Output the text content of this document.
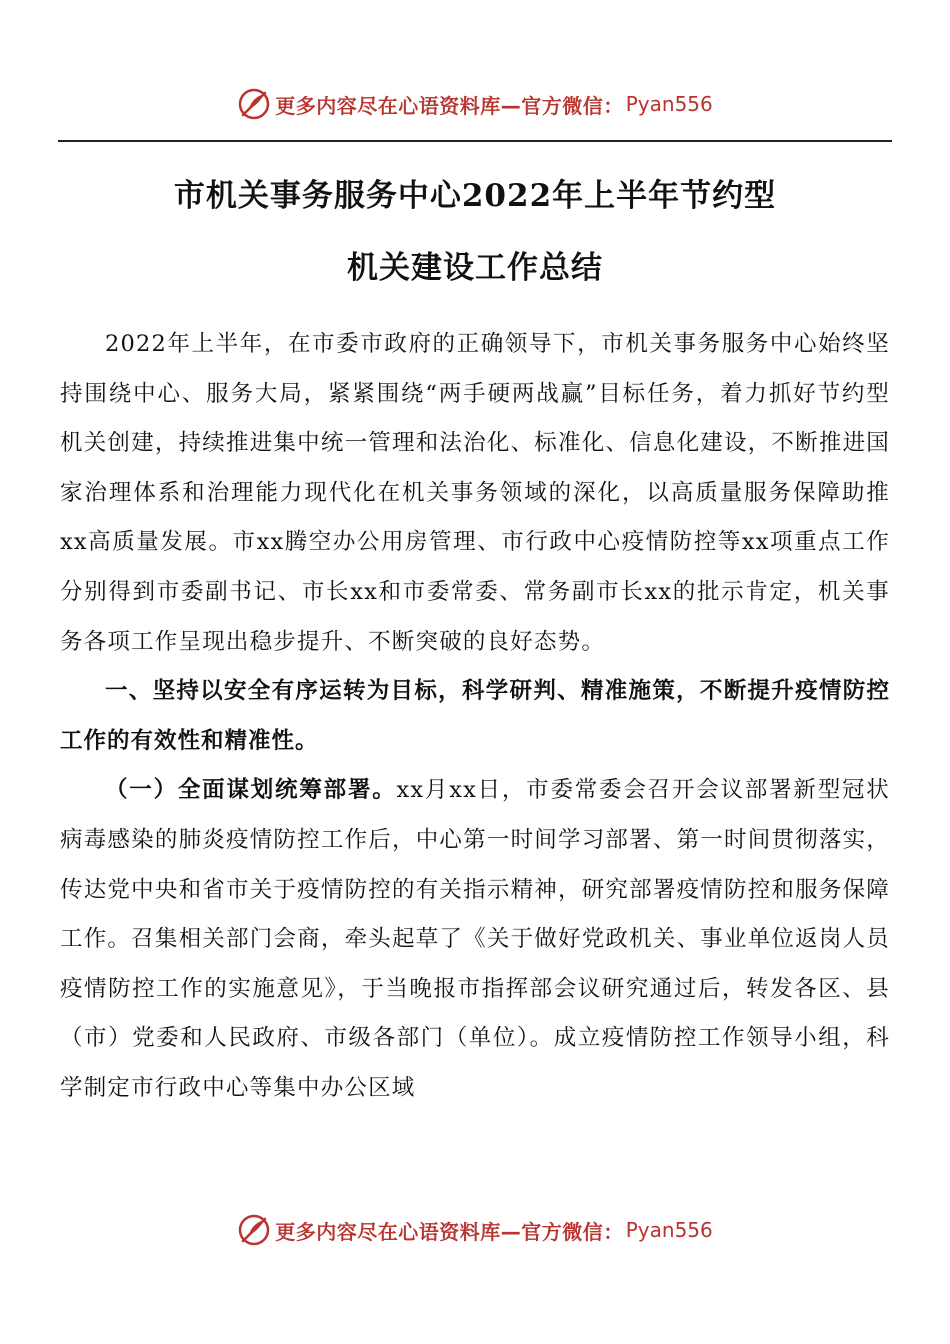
更多内容尽在心语资料库—官方微信： Pyan556
市机关事务服务中心2022年上半年节约型
机关建设工作总结

2022年上半年，在市委市政府的正确领导下，市机关事务服务中心始终坚持围绕中心、服务大局，紧紧围绕“两手硬两战赢”目标任务，着力抓好节约型机关创建，持续推进集中统一管理和法治化、标准化、信息化建设，不断推进国家治理体系和治理能力现代化在机关事务领域的深化，以高质量服务保障助推xx高质量发展。市xx腾空办公用房管理、市行政中心疫情防控等xx项重点工作分别得到市委副书记、市长xx和市委常委、常务副市长xx的批示肯定，机关事务各项工作呈现出稳步提升、不断突破的良好态势。

一、坚持以安全有序运转为目标，科学研判、精准施策，不断提升疫情防控工作的有效性和精准性。

（一）全面谋划统筹部署。xx月xx日，市委常委会召开会议部署新型冠状病毒感染的肺炎疫情防控工作后，中心第一时间学习部署、第一时间贯彻落实，传达党中央和省市关于疫情防控的有关指示精神，研究部署疫情防控和服务保障工作。召集相关部门会商，牵头起草了《关于做好党政机关、事业单位返岗人员疫情防控工作的实施意见》，于当晚报市指挥部会议研究通过后，转发各区、县（市）党委和人民政府、市级各部门（单位）。成立疫情防控工作领导小组，科学制定市行政中心等集中办公区域

更多内容尽在心语资料库—官方微信： Pyan556
